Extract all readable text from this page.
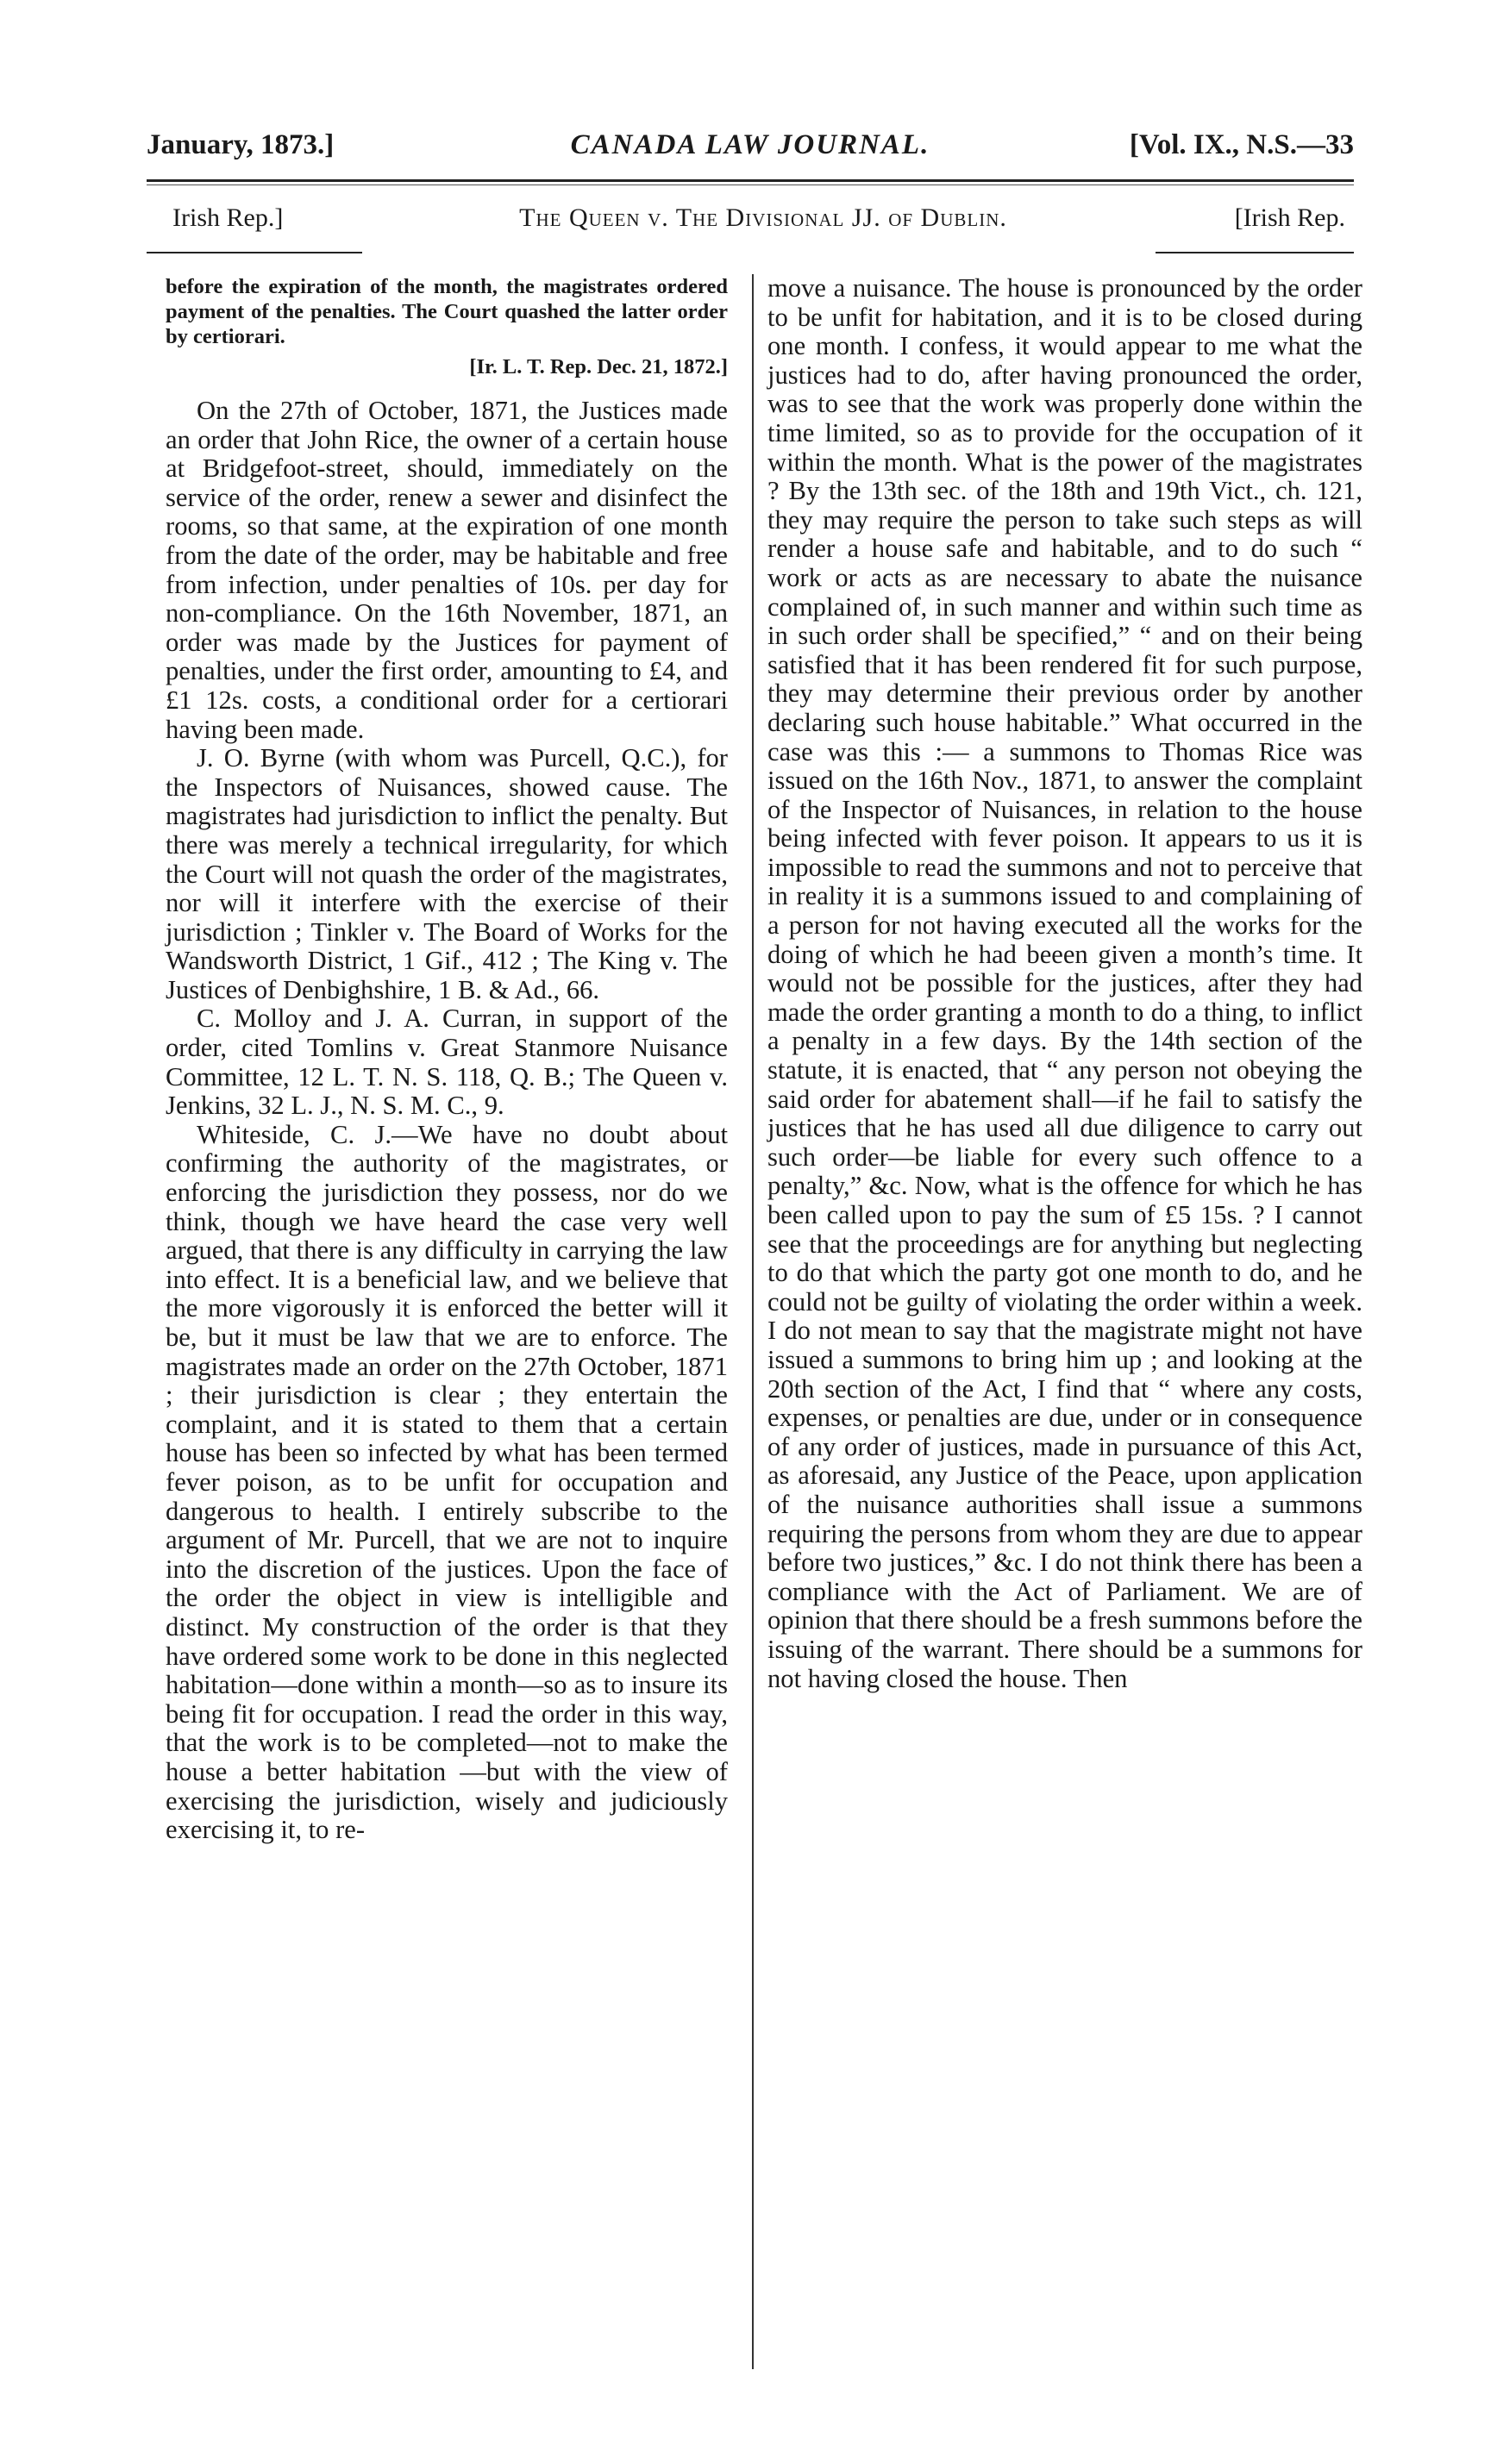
January, 1873.]	CANADA LAW JOURNAL.	[Vol. IX., N.S.—33
Irish Rep.]	The Queen v. The Divisional JJ. of Dublin.	[Irish Rep.

before the expiration of the month, the magistrates ordered payment of the penalties. The Court quashed the latter order by certiorari.

[Ir. L. T. Rep. Dec. 21, 1872.]

On the 27th of October, 1871, the Justices made an order that John Rice, the owner of a certain house at Bridgefoot-street, should, immediately on the service of the order, renew a sewer and disinfect the rooms, so that same, at the expiration of one month from the date of the order, may be habitable and free from infection, under penalties of 10s. per day for non-compliance. On the 16th November, 1871, an order was made by the Justices for payment of penalties, under the first order, amounting to £4, and £1 12s. costs, a conditional order for a certiorari having been made.

J. O. Byrne (with whom was Purcell, Q.C.), for the Inspectors of Nuisances, showed cause. The magistrates had jurisdiction to inflict the penalty. But there was merely a technical irregularity, for which the Court will not quash the order of the magistrates, nor will it interfere with the exercise of their jurisdiction ; Tinkler v. The Board of Works for the Wandsworth District, 1 Gif., 412 ; The King v. The Justices of Denbighshire, 1 B. & Ad., 66.

C. Molloy and J. A. Curran, in support of the order, cited Tomlins v. Great Stanmore Nuisance Committee, 12 L. T. N. S. 118, Q. B.; The Queen v. Jenkins, 32 L. J., N. S. M. C., 9.

Whiteside, C. J.—We have no doubt about confirming the authority of the magistrates, or enforcing the jurisdiction they possess, nor do we think, though we have heard the case very well argued, that there is any difficulty in carrying the law into effect. It is a beneficial law, and we believe that the more vigorously it is enforced the better will it be, but it must be law that we are to enforce. The magistrates made an order on the 27th October, 1871 ; their jurisdiction is clear ; they entertain the complaint, and it is stated to them that a certain house has been so infected by what has been termed fever poison, as to be unfit for occupation and dangerous to health. I entirely subscribe to the argument of Mr. Purcell, that we are not to inquire into the discretion of the justices. Upon the face of the order the object in view is intelligible and distinct. My construction of the order is that they have ordered some work to be done in this neglected habitation—done within a month—so as to insure its being fit for occupation. I read the order in this way, that the work is to be completed—not to make the house a better habitation —but with the view of exercising the jurisdiction, wisely and judiciously exercising it, to re-

move a nuisance. The house is pronounced by the order to be unfit for habitation, and it is to be closed during one month. I confess, it would appear to me what the justices had to do, after having pronounced the order, was to see that the work was properly done within the time limited, so as to provide for the occupation of it within the month. What is the power of the magistrates ? By the 13th sec. of the 18th and 19th Vict., ch. 121, they may require the person to take such steps as will render a house safe and habitable, and to do such “ work or acts as are necessary to abate the nuisance complained of, in such manner and within such time as in such order shall be specified,” “ and on their being satisfied that it has been rendered fit for such purpose, they may determine their previous order by another declaring such house habitable.” What occurred in the case was this :— a summons to Thomas Rice was issued on the 16th Nov., 1871, to answer the complaint of the Inspector of Nuisances, in relation to the house being infected with fever poison. It appears to us it is impossible to read the summons and not to perceive that in reality it is a summons issued to and complaining of a person for not having executed all the works for the doing of which he had beeen given a month’s time. It would not be possible for the justices, after they had made the order granting a month to do a thing, to inflict a penalty in a few days. By the 14th section of the statute, it is enacted, that “ any person not obeying the said order for abatement shall—if he fail to satisfy the justices that he has used all due diligence to carry out such order—be liable for every such offence to a penalty,” &c. Now, what is the offence for which he has been called upon to pay the sum of £5 15s. ? I cannot see that the proceedings are for anything but neglecting to do that which the party got one month to do, and he could not be guilty of violating the order within a week. I do not mean to say that the magistrate might not have issued a summons to bring him up ; and looking at the 20th section of the Act, I find that “ where any costs, expenses, or penalties are due, under or in consequence of any order of justices, made in pursuance of this Act, as aforesaid, any Justice of the Peace, upon application of the nuisance authorities shall issue a summons requiring the persons from whom they are due to appear before two justices,” &c. I do not think there has been a compliance with the Act of Parliament. We are of opinion that there should be a fresh summons before the issuing of the warrant. There should be a summons for not having closed the house. Then
